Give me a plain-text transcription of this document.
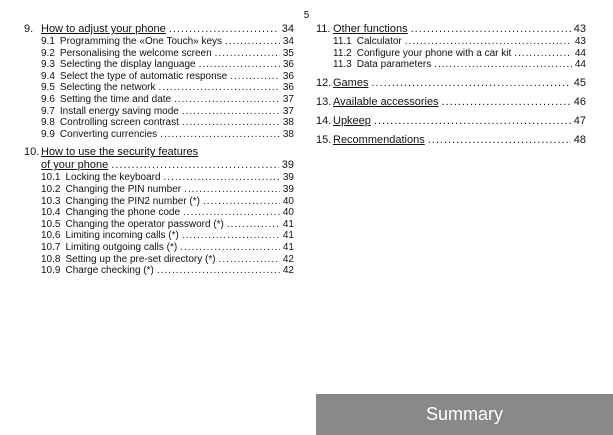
5
9. How to adjust your phone .....	34
9.1 Programming the «One Touch» keys .....	34
9.2 Personalising the welcome screen .....	35
9.3 Selecting the display language .....	36
9.4 Select the type of automatic response .....	36
9.5 Selecting the network .....	36
9.6 Setting the time and date .....	37
9.7 Install energy saving mode .....	37
9.8 Controlling screen contrast .....	38
9.9 Converting currencies .....	38
10. How to use the security features
of your phone .....	39
10.1 Locking the keyboard .....	39
10.2 Changing the PIN number .....	39
10.3 Changing the PIN2 number (*) .....	40
10.4 Changing the phone code .....	40
10.5 Changing the operator password (*) .....	41
10.6 Limiting incoming calls (*) .....	41
10.7 Limiting outgoing calls (*) .....	41
10.8 Setting up the pre-set directory (*) .....	42
10.9 Charge checking (*) .....	42
11. Other functions .....	43
11.1 Calculator .....	43
11.2 Configure your phone with a car kit .....	44
11.3 Data parameters .....	44
12. Games .....	45
13. Available accessories .....	46
14. Upkeep .....	47
15. Recommendations .....	48
Summary
